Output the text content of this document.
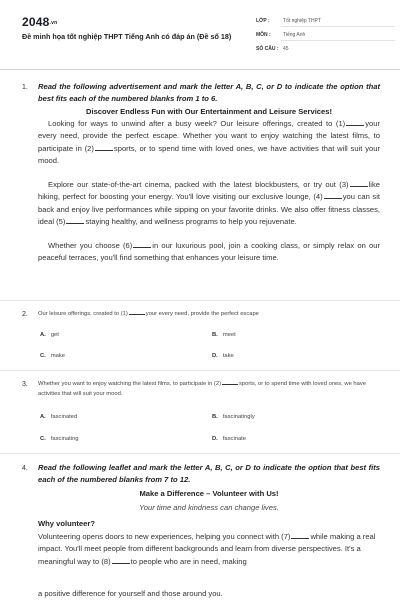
2048.vn
Đề minh họa tốt nghiệp THPT Tiếng Anh có đáp án (Đề số 18)
LỚP :	Tốt nghiệp THPT
MÔN :	Tiếng Anh
SỐ CÂU : 45
1. Read the following advertisement and mark the letter A, B, C, or D to indicate the option that best fits each of the numbered blanks from 1 to 6.
Discover Endless Fun with Our Entertainment and Leisure Services!
Looking for ways to unwind after a busy week? Our leisure offerings, created to (1)	your every need, provide the perfect escape. Whether you want to enjoy watching the latest films, to participate in (2)	sports, or to spend time with loved ones, we have activities that will suit your mood.
Explore our state-of-the-art cinema, packed with the latest blockbusters, or try out (3)	like hiking, perfect for boosting your energy. You'll love visiting our exclusive lounge, (4)	you can sit back and enjoy live performances while sipping on your favorite drinks. We also offer fitness classes, ideal (5)	staying healthy, and wellness programs to help you rejuvenate.
Whether you choose (6)	in our luxurious pool, join a cooking class, or simply relax on our peaceful terraces, you'll find something that enhances your leisure time.
2. Our leisure offerings, created to (1)	your every need, provide the perfect escape
A. get	B. meet
C. make	D. take
3. Whether you want to enjoy watching the latest films, to participate in (2)	sports, or to spend time with loved ones, we have activities that will suit your mood.
A. fascinated	B. fascinatingly
C. fascinating	D. fascinate
4. Read the following leaflet and mark the letter A, B, C, or D to indicate the option that best fits each of the numbered blanks from 7 to 12.
Make a Difference – Volunteer with Us!
Your time and kindness can change lives.
Why volunteer?
Volunteering opens doors to new experiences, helping you connect with (7)	while making a real impact. You'll meet people from different backgrounds and learn from diverse perspectives. It's a meaningful way to (8)	to people who are in need, making
a positive difference for yourself and those around you.
